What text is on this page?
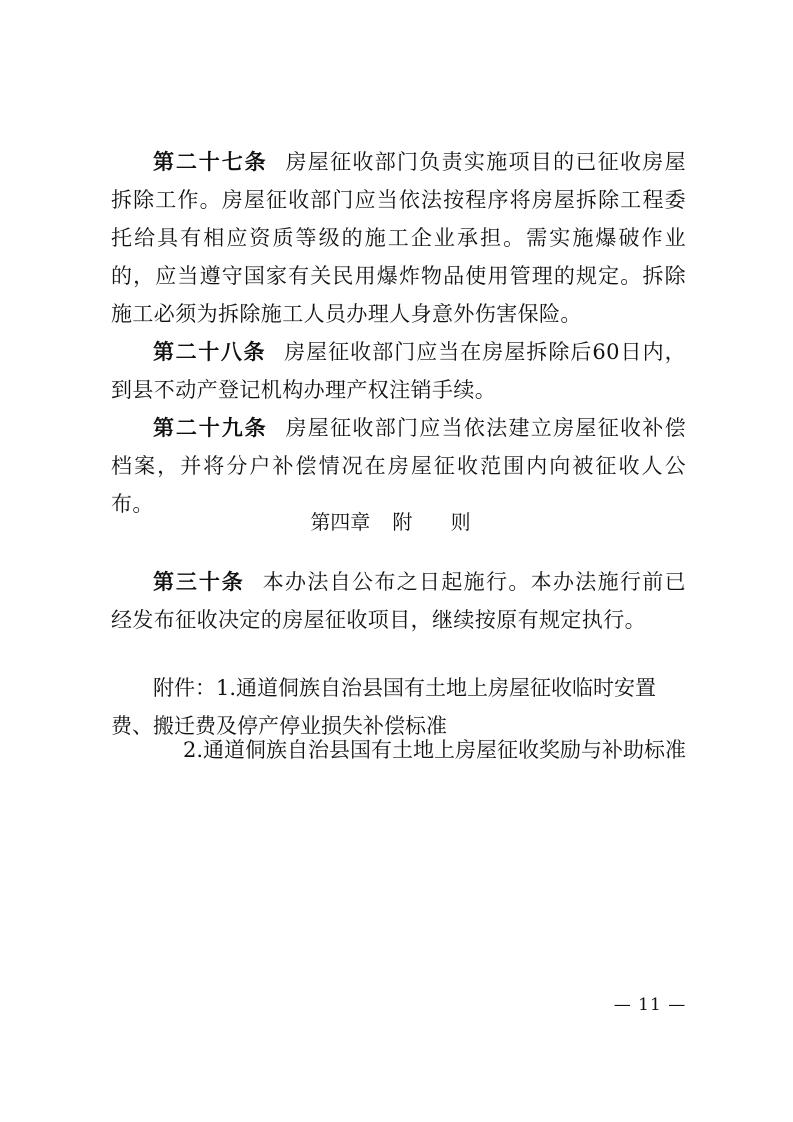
第二十七条 房屋征收部门负责实施项目的已征收房屋拆除工作。房屋征收部门应当依法按程序将房屋拆除工程委托给具有相应资质等级的施工企业承担。需实施爆破作业的，应当遵守国家有关民用爆炸物品使用管理的规定。拆除施工必须为拆除施工人员办理人身意外伤害保险。

第二十八条 房屋征收部门应当在房屋拆除后60日内，到县不动产登记机构办理产权注销手续。

第二十九条 房屋征收部门应当依法建立房屋征收补偿档案，并将分户补偿情况在房屋征收范围内向被征收人公布。

第四章 附 则

第三十条 本办法自公布之日起施行。本办法施行前已经发布征收决定的房屋征收项目，继续按原有规定执行。

附件：1.通道侗族自治县国有土地上房屋征收临时安置费、搬迁费及停产停业损失补偿标准

2.通道侗族自治县国有土地上房屋征收奖励与补助标准

— 11 —
